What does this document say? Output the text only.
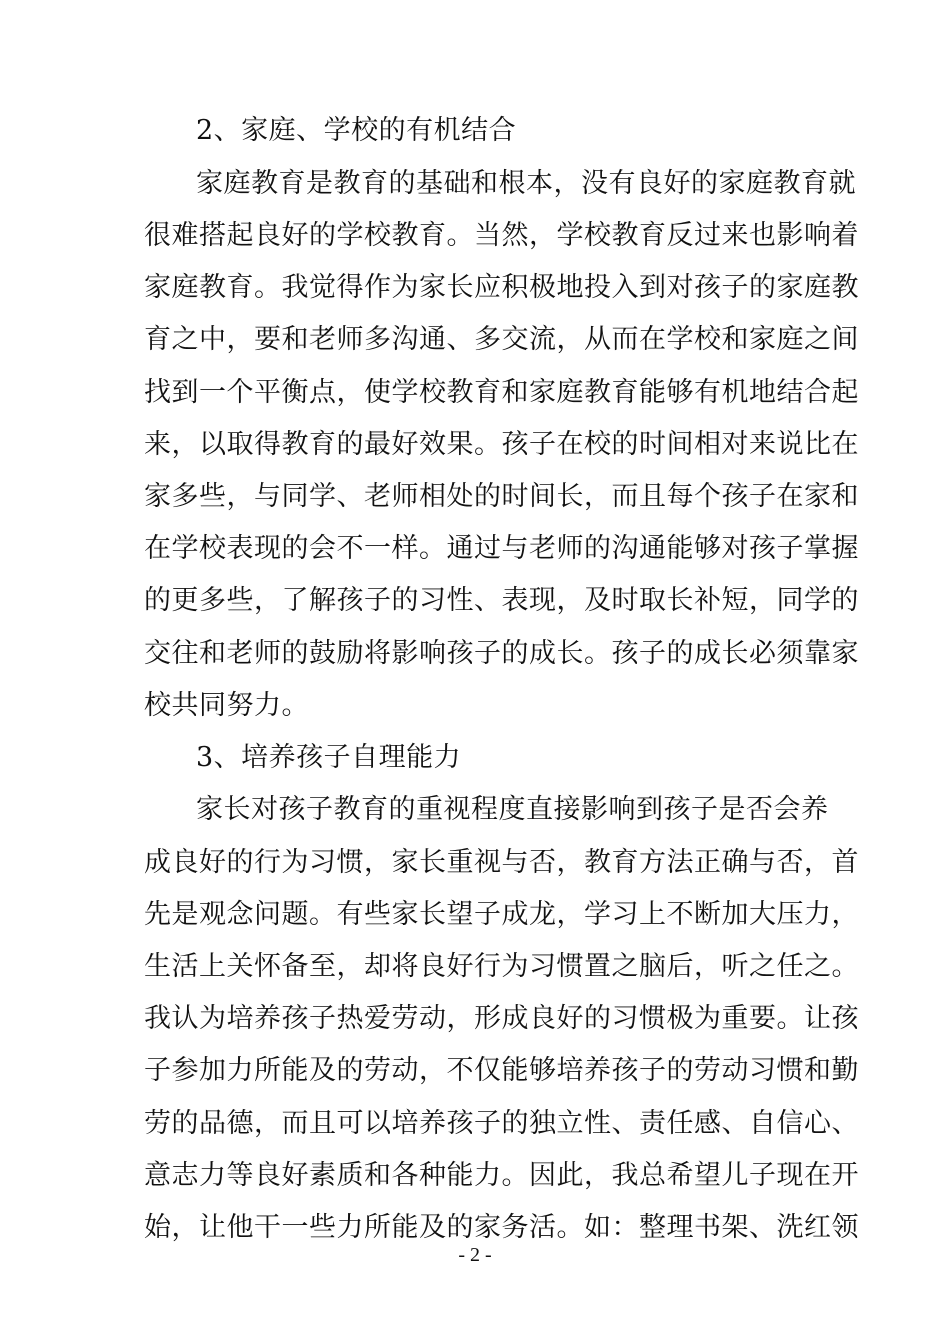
2、家庭、学校的有机结合
家庭教育是教育的基础和根本，没有良好的家庭教育就
很难搭起良好的学校教育。当然，学校教育反过来也影响着
家庭教育。我觉得作为家长应积极地投入到对孩子的家庭教
育之中，要和老师多沟通、多交流，从而在学校和家庭之间
找到一个平衡点，使学校教育和家庭教育能够有机地结合起
来，以取得教育的最好效果。孩子在校的时间相对来说比在
家多些，与同学、老师相处的时间长，而且每个孩子在家和
在学校表现的会不一样。通过与老师的沟通能够对孩子掌握
的更多些，了解孩子的习性、表现，及时取长补短，同学的
交往和老师的鼓励将影响孩子的成长。孩子的成长必须靠家
校共同努力。
3、培养孩子自理能力
家长对孩子教育的重视程度直接影响到孩子是否会养
成良好的行为习惯，家长重视与否，教育方法正确与否，首
先是观念问题。有些家长望子成龙，学习上不断加大压力，
生活上关怀备至，却将良好行为习惯置之脑后，听之任之。
我认为培养孩子热爱劳动，形成良好的习惯极为重要。让孩
子参加力所能及的劳动，不仅能够培养孩子的劳动习惯和勤
劳的品德，而且可以培养孩子的独立性、责任感、自信心、
意志力等良好素质和各种能力。因此，我总希望儿子现在开
始，让他干一些力所能及的家务活。如：整理书架、洗红领
- 2 -
